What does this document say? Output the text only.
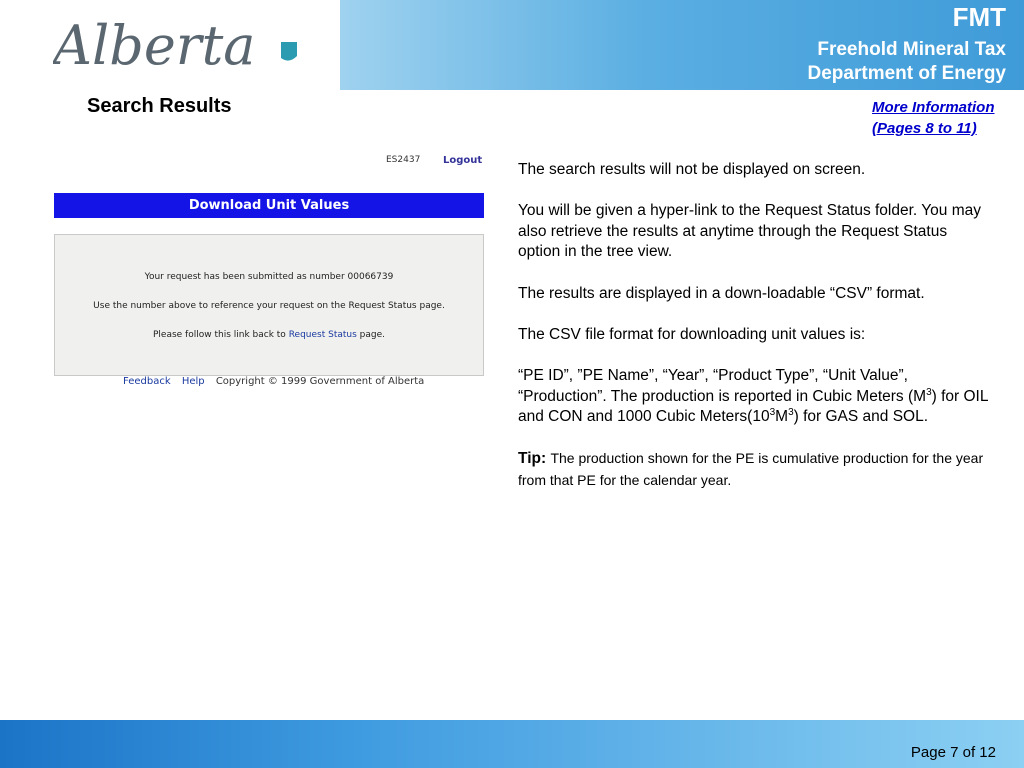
Alberta	FMT
Freehold Mineral Tax
Department of Energy
Search Results	More Information
(Pages 8 to 11)
ES2437 Logout
Download Unit Values
Your request has been submitted as number 00066739
Use the number above to reference your request on the Request Status page.
Please follow this link back to Request Status page.
Feedback Help Copyright © 1999 Government of Alberta

The search results will not be displayed on screen.

You will be given a hyper-link to the Request Status folder. You may also retrieve the results at anytime through the Request Status option in the tree view.

The results are displayed in a down-loadable “CSV” format.

The CSV file format for downloading unit values is:

“PE ID”, ”PE Name”, “Year”, “Product Type”, “Unit Value”, “Production”. The production is reported in Cubic Meters $(M^3)$ for OIL and CON and 1000 Cubic $Meters(10^3M^3)$ for GAS and SOL.

Tip: The production shown for the PE is cumulative production for the year from that PE for the calendar year.

Page 7 of 12
